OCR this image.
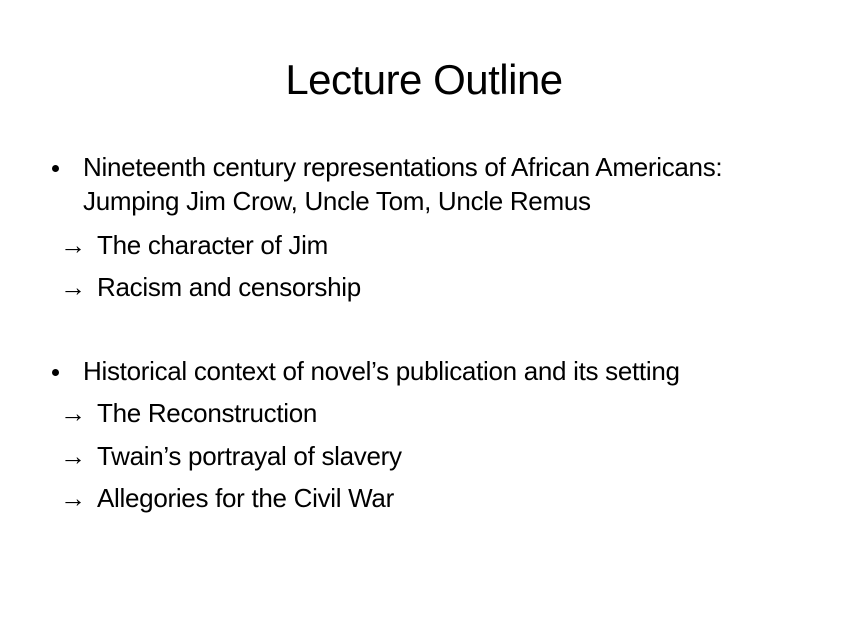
Lecture Outline
Nineteenth century representations of African Americans: Jumping Jim Crow, Uncle Tom, Uncle Remus
→ The character of Jim
→ Racism and censorship
Historical context of novel’s publication and its setting
→ The Reconstruction
→ Twain’s portrayal of slavery
→ Allegories for the Civil War
